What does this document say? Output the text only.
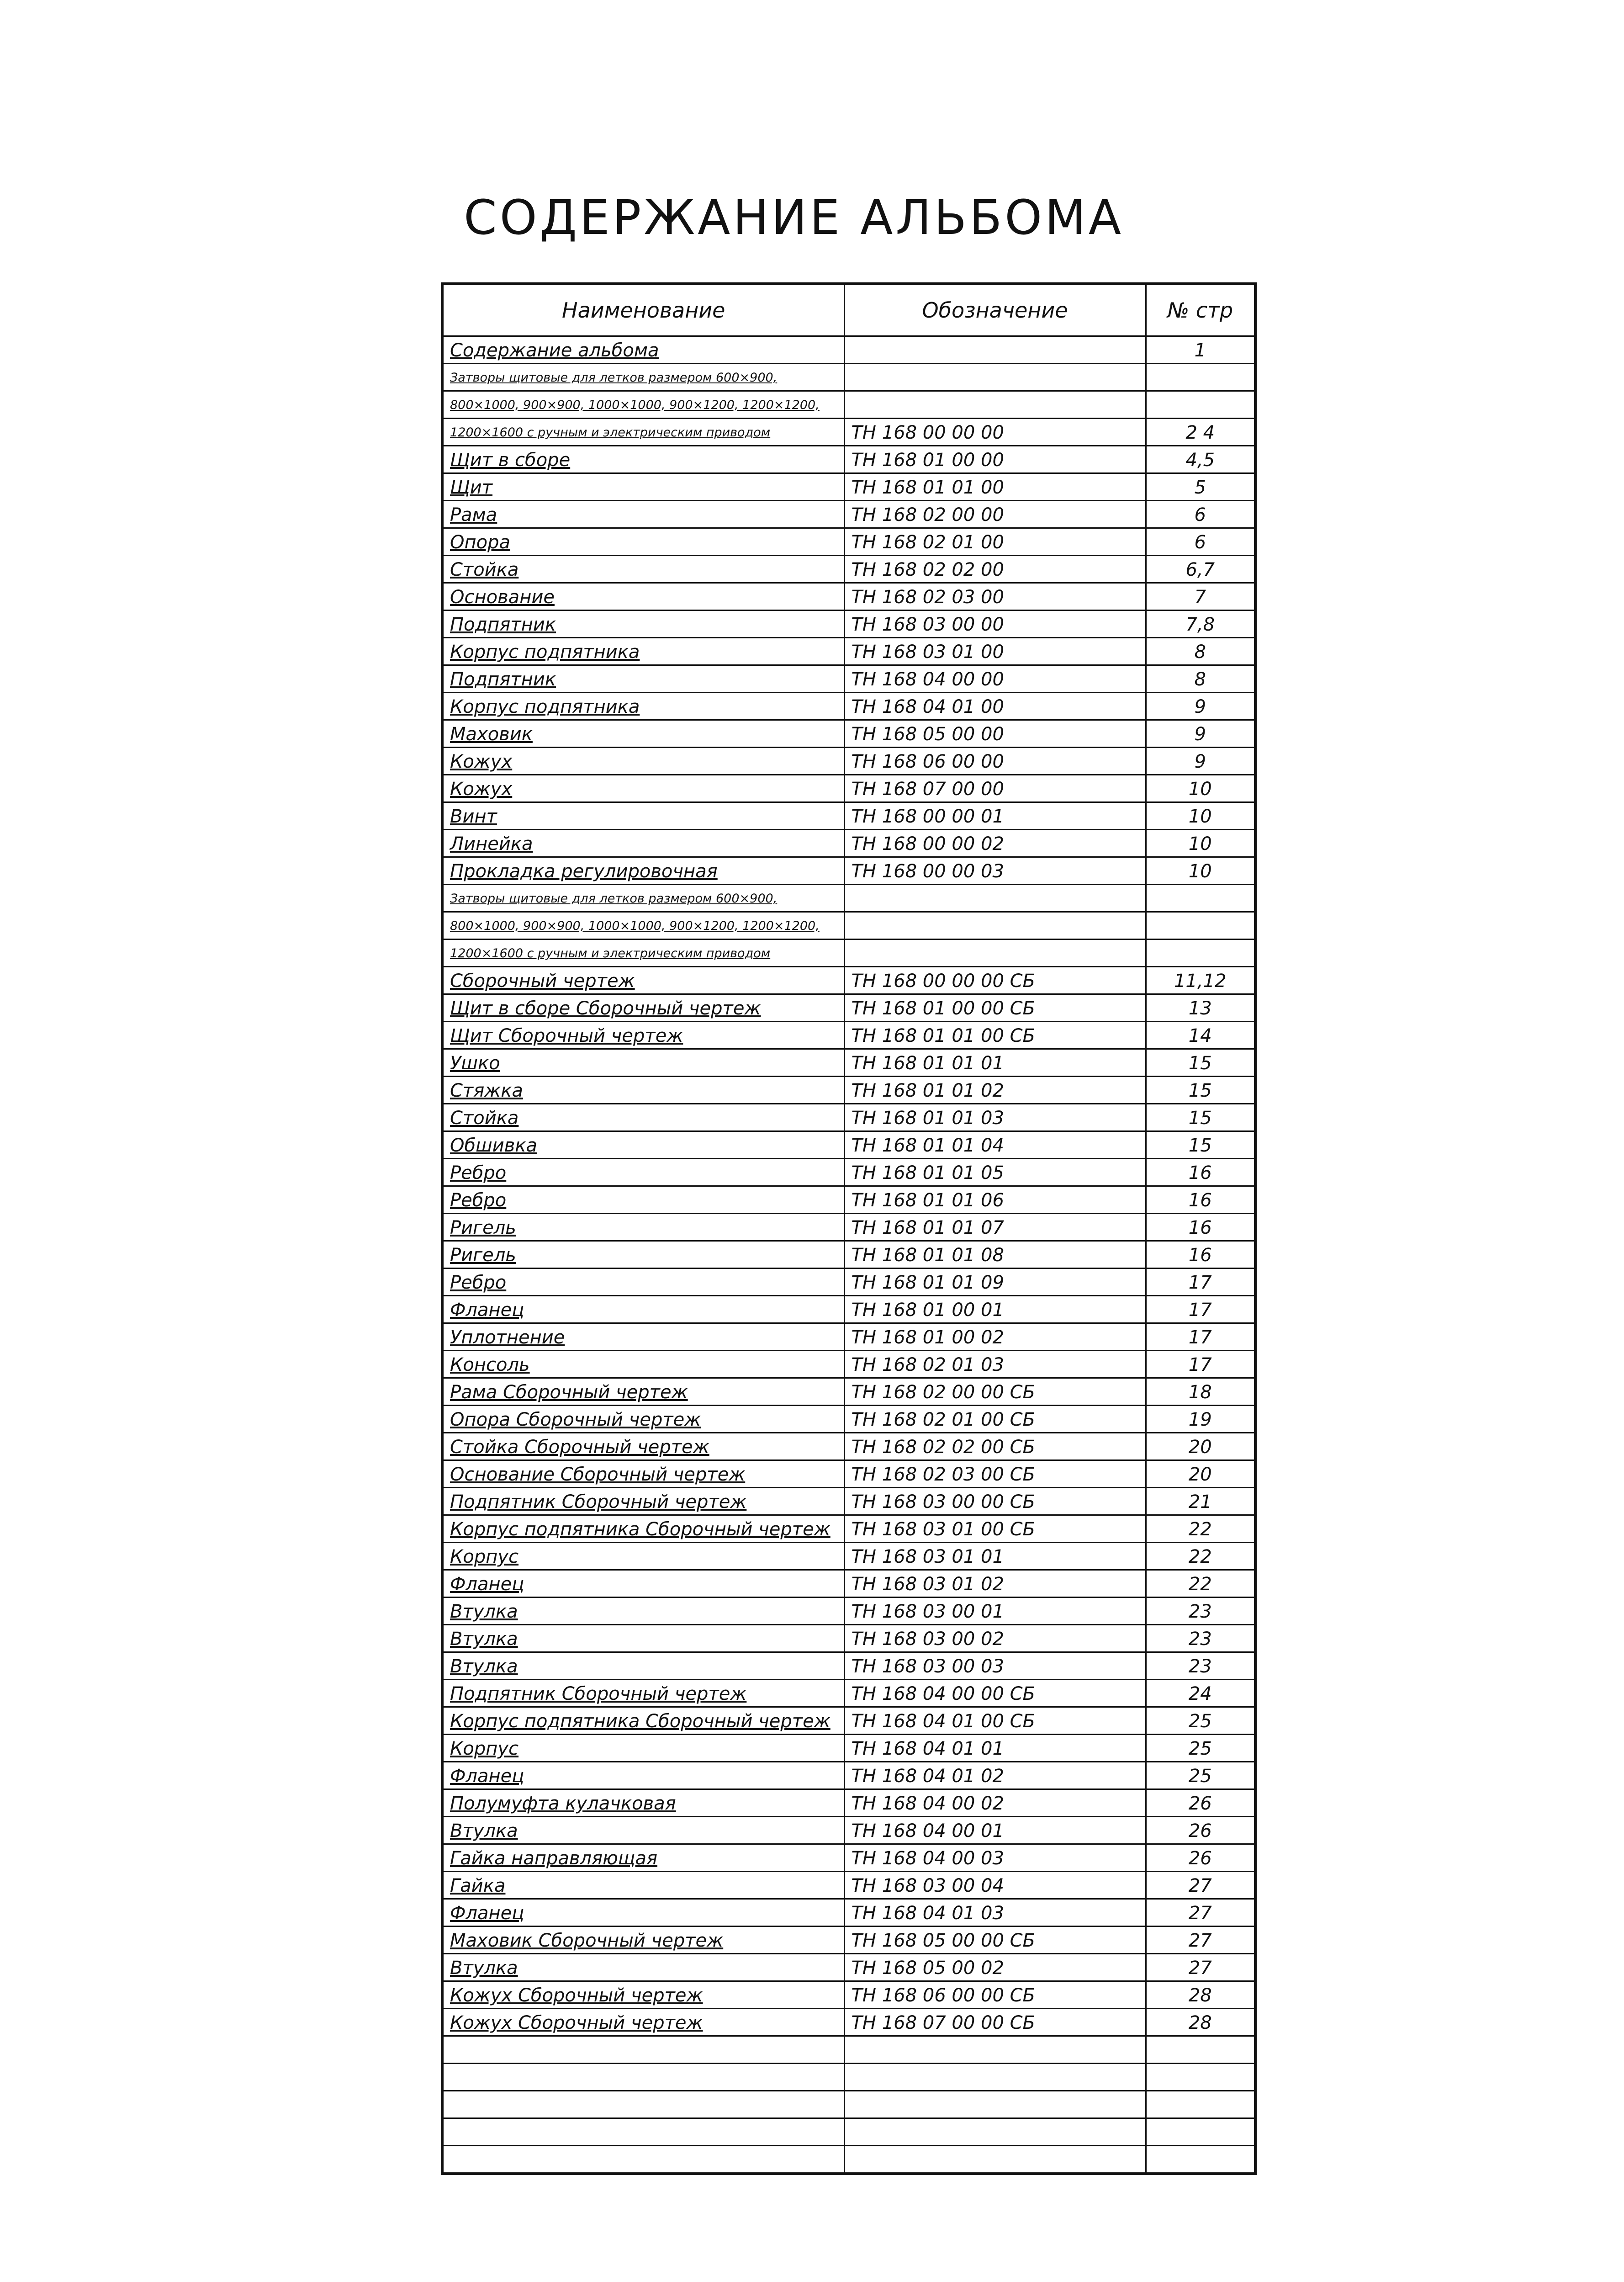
СОДЕРЖАНИЕ АЛЬБОМА
Наименование	Обозначение	№ стр
Содержание альбома		1
Затворы щитовые для летков размером 600×900,		
800×1000, 900×900, 1000×1000, 900×1200, 1200×1200,		
1200×1600 с ручным и электрическим приводом	ТН 168 00 00 00	2 4
Щит в сборе	ТН 168 01 00 00	4,5
Щит	ТН 168 01 01 00	5
Рама	ТН 168 02 00 00	6
Опора	ТН 168 02 01 00	6
Стойка	ТН 168 02 02 00	6,7
Основание	ТН 168 02 03 00	7
Подпятник	ТН 168 03 00 00	7,8
Корпус подпятника	ТН 168 03 01 00	8
Подпятник	ТН 168 04 00 00	8
Корпус подпятника	ТН 168 04 01 00	9
Маховик	ТН 168 05 00 00	9
Кожух	ТН 168 06 00 00	9
Кожух	ТН 168 07 00 00	10
Винт	ТН 168 00 00 01	10
Линейка	ТН 168 00 00 02	10
Прокладка регулировочная	ТН 168 00 00 03	10
Затворы щитовые для летков размером 600×900,		
800×1000, 900×900, 1000×1000, 900×1200, 1200×1200,		
1200×1600 с ручным и электрическим приводом		
Сборочный чертеж	ТН 168 00 00 00 СБ	11,12
Щит в сборе Сборочный чертеж	ТН 168 01 00 00 СБ	13
Щит Сборочный чертеж	ТН 168 01 01 00 СБ	14
Ушко	ТН 168 01 01 01	15
Стяжка	ТН 168 01 01 02	15
Стойка	ТН 168 01 01 03	15
Обшивка	ТН 168 01 01 04	15
Ребро	ТН 168 01 01 05	16
Ребро	ТН 168 01 01 06	16
Ригель	ТН 168 01 01 07	16
Ригель	ТН 168 01 01 08	16
Ребро	ТН 168 01 01 09	17
Фланец	ТН 168 01 00 01	17
Уплотнение	ТН 168 01 00 02	17
Консоль	ТН 168 02 01 03	17
Рама Сборочный чертеж	ТН 168 02 00 00 СБ	18
Опора Сборочный чертеж	ТН 168 02 01 00 СБ	19
Стойка Сборочный чертеж	ТН 168 02 02 00 СБ	20
Основание Сборочный чертеж	ТН 168 02 03 00 СБ	20
Подпятник Сборочный чертеж	ТН 168 03 00 00 СБ	21
Корпус подпятника Сборочный чертеж	ТН 168 03 01 00 СБ	22
Корпус	ТН 168 03 01 01	22
Фланец	ТН 168 03 01 02	22
Втулка	ТН 168 03 00 01	23
Втулка	ТН 168 03 00 02	23
Втулка	ТН 168 03 00 03	23
Подпятник Сборочный чертеж	ТН 168 04 00 00 СБ	24
Корпус подпятника Сборочный чертеж	ТН 168 04 01 00 СБ	25
Корпус	ТН 168 04 01 01	25
Фланец	ТН 168 04 01 02	25
Полумуфта кулачковая	ТН 168 04 00 02	26
Втулка	ТН 168 04 00 01	26
Гайка направляющая	ТН 168 04 00 03	26
Гайка	ТН 168 03 00 04	27
Фланец	ТН 168 04 01 03	27
Маховик Сборочный чертеж	ТН 168 05 00 00 СБ	27
Втулка	ТН 168 05 00 02	27
Кожух Сборочный чертеж	ТН 168 06 00 00 СБ	28
Кожух Сборочный чертеж	ТН 168 07 00 00 СБ	28
